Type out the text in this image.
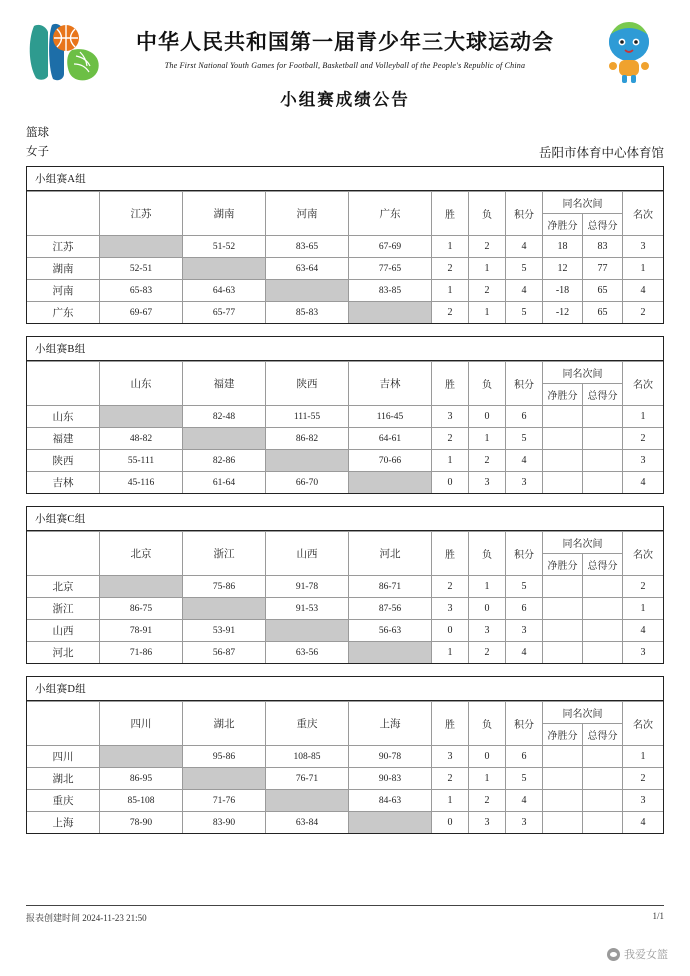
中华人民共和国第一届青少年三大球运动会
The First National Youth Games for Football, Basketball and Volleyball of the People's Republic of China
小组赛成绩公告
篮球
女子	岳阳市体育中心体育馆
小组赛A组
	江苏	湖南	河南	广东	胜	负	积分	同名次间		名次
								净胜分	总得分	
江苏		51-52	83-65	67-69	1	2	4	18	83	3
湖南	52-51		63-64	77-65	2	1	5	12	77	1
河南	65-83	64-63		83-85	1	2	4	-18	65	4
广东	69-67	65-77	85-83		2	1	5	-12	65	2
小组赛B组
	山东	福建	陕西	吉林	胜	负	积分	同名次间		名次
								净胜分	总得分	
山东		82-48	111-55	116-45	3	0	6			1
福建	48-82		86-82	64-61	2	1	5			2
陕西	55-111	82-86		70-66	1	2	4			3
吉林	45-116	61-64	66-70		0	3	3			4
小组赛C组
	北京	浙江	山西	河北	胜	负	积分	同名次间		名次
								净胜分	总得分	
北京		75-86	91-78	86-71	2	1	5			2
浙江	86-75		91-53	87-56	3	0	6			1
山西	78-91	53-91		56-63	0	3	3			4
河北	71-86	56-87	63-56		1	2	4			3
小组赛D组
	四川	湖北	重庆	上海	胜	负	积分	同名次间		名次
								净胜分	总得分	
四川		95-86	108-85	90-78	3	0	6			1
湖北	86-95		76-71	90-83	2	1	5			2
重庆	85-108	71-76		84-63	1	2	4			3
上海	78-90	83-90	63-84		0	3	3			4
报表创建时间 2024-11-23 21:50	1/1
我爱女篮
